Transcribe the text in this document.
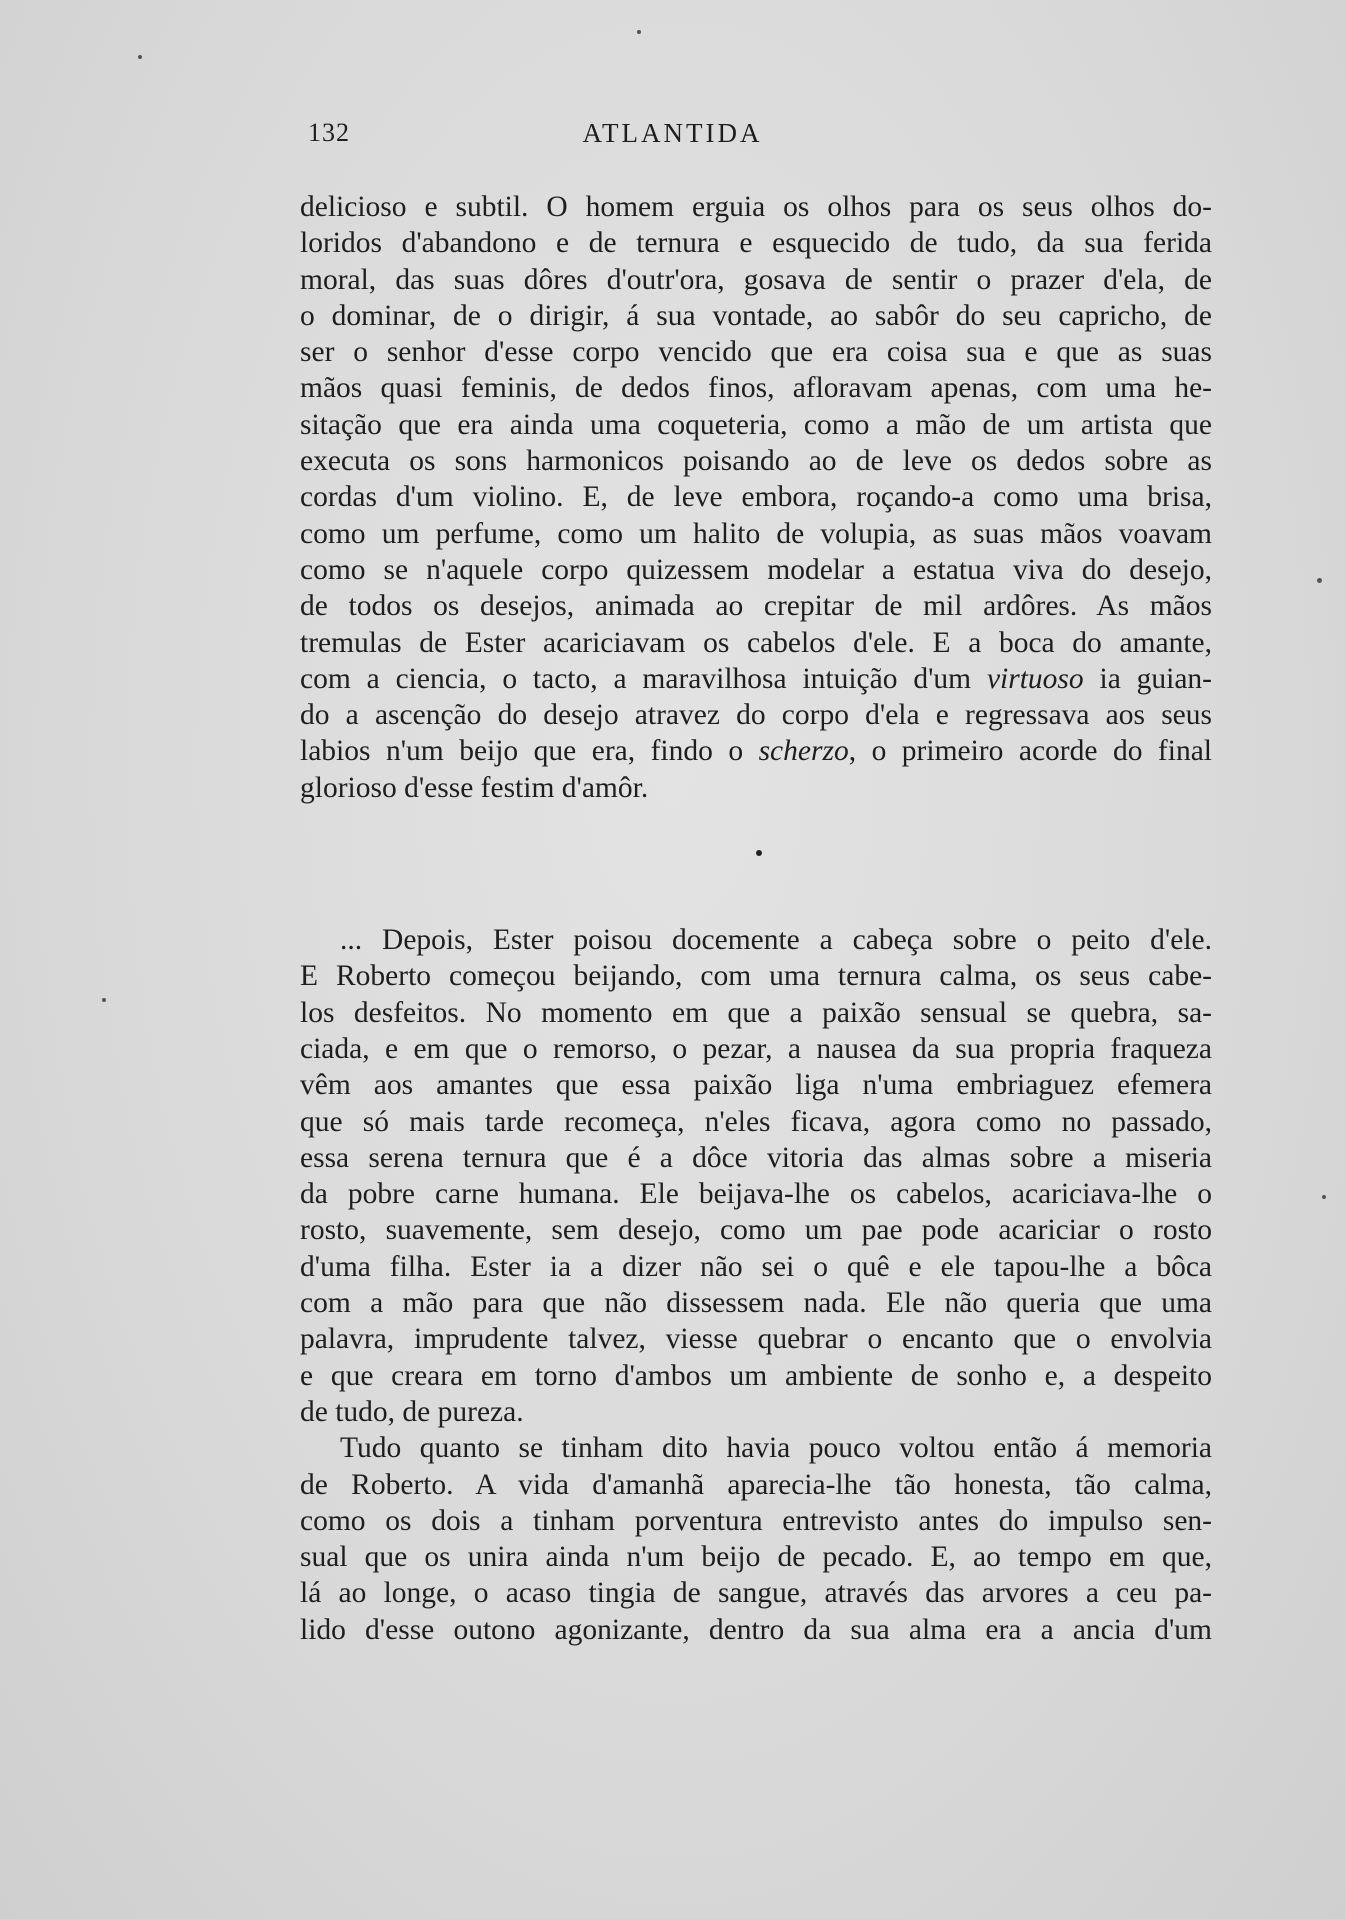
132	ATLANTIDA
delicioso e subtil. O homem erguia os olhos para os seus olhos do-
loridos d'abandono e de ternura e esquecido de tudo, da sua ferida
moral, das suas dôres d'outr'ora, gosava de sentir o prazer d'ela, de
o dominar, de o dirigir, á sua vontade, ao sabôr do seu capricho, de
ser o senhor d'esse corpo vencido que era coisa sua e que as suas
mãos quasi feminis, de dedos finos, afloravam apenas, com uma he-
sitação que era ainda uma coqueteria, como a mão de um artista que
executa os sons harmonicos poisando ao de leve os dedos sobre as
cordas d'um violino. E, de leve embora, roçando-a como uma brisa,
como um perfume, como um halito de volupia, as suas mãos voavam
como se n'aquele corpo quizessem modelar a estatua viva do desejo,
de todos os desejos, animada ao crepitar de mil ardôres. As mãos
tremulas de Ester acariciavam os cabelos d'ele. E a boca do amante,
com a ciencia, o tacto, a maravilhosa intuição d'um virtuoso ia guian-
do a ascenção do desejo atravez do corpo d'ela e regressava aos seus
labios n'um beijo que era, findo o scherzo, o primeiro acorde do final
glorioso d'esse festim d'amôr.
... Depois, Ester poisou docemente a cabeça sobre o peito d'ele.
E Roberto começou beijando, com uma ternura calma, os seus cabe-
los desfeitos. No momento em que a paixão sensual se quebra, sa-
ciada, e em que o remorso, o pezar, a nausea da sua propria fraqueza
vêm aos amantes que essa paixão liga n'uma embriaguez efemera
que só mais tarde recomeça, n'eles ficava, agora como no passado,
essa serena ternura que é a dôce vitoria das almas sobre a miseria
da pobre carne humana. Ele beijava-lhe os cabelos, acariciava-lhe o
rosto, suavemente, sem desejo, como um pae pode acariciar o rosto
d'uma filha. Ester ia a dizer não sei o quê e ele tapou-lhe a bôca
com a mão para que não dissessem nada. Ele não queria que uma
palavra, imprudente talvez, viesse quebrar o encanto que o envolvia
e que creara em torno d'ambos um ambiente de sonho e, a despeito
de tudo, de pureza.
Tudo quanto se tinham dito havia pouco voltou então á memoria
de Roberto. A vida d'amanhã aparecia-lhe tão honesta, tão calma,
como os dois a tinham porventura entrevisto antes do impulso sen-
sual que os unira ainda n'um beijo de pecado. E, ao tempo em que,
lá ao longe, o acaso tingia de sangue, através das arvores a ceu pa-
lido d'esse outono agonizante, dentro da sua alma era a ancia d'um
